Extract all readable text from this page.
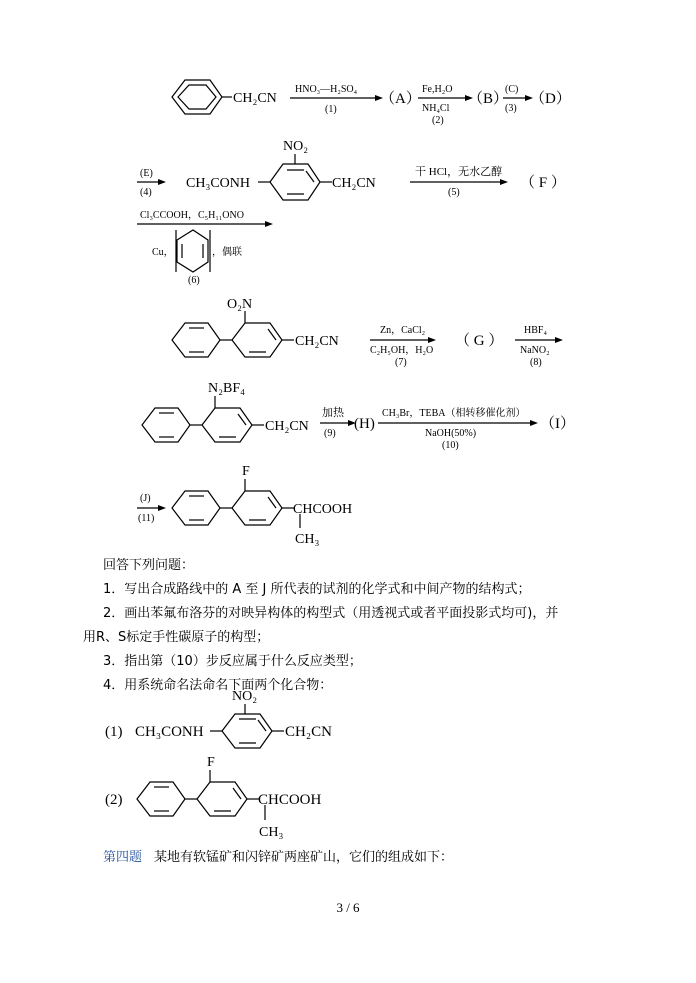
CH₂CN
HNO₃—H₂SO₄
(1)
（A）
Fe,H₂O
NH₄Cl
(2)
（B）
(C)
(3)
（D）
(E)
(4)
CH₃CONH
NO₂
CH₂CN
干 HCl，无水乙醇
(5)
（ F ）
Cl₃CCOOH，C₅H₁₁ONO
Cu，	，偶联
(6)
O₂N
CH₂CN
Zn，CaCl₂
C₂H₅OH，H₂O
(7)
（ G ）
HBF₄
NaNO₂
(8)
N₂BF₄
CH₂CN
加热
(9)
(H)
CH₃Br，TEBA（相转移催化剂）
NaOH(50%)
(10)
（I）
(J)
(11)
F
CHCOOH
CH₃

回答下列问题：

1．写出合成路线中的 A 至 J 所代表的试剂的化学式和中间产物的结构式；

2．画出苯氟布洛芬的对映异构体的构型式（用透视式或者平面投影式均可)，并

用R、S标定手性碳原子的构型；

3．指出第（10）步反应属于什么反应类型；

4．用系统命名法命名下面两个化合物：

(1) CH₃CONH
NO₂
CH₂CN
(2)
F
CHCOOH
CH₃
第四题 某地有软锰矿和闪锌矿两座矿山，它们的组成如下：
3 / 6
